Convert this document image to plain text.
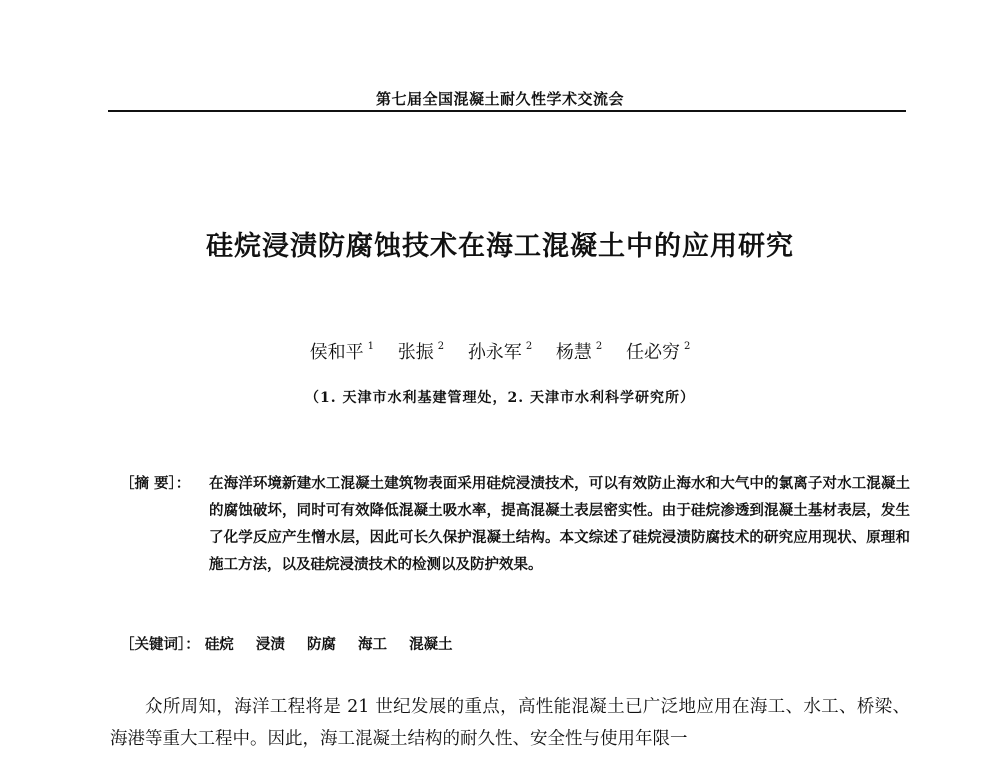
第七届全国混凝土耐久性学术交流会
硅烷浸渍防腐蚀技术在海工混凝土中的应用研究
侯和平 $^1$ 张振 $^2$ 孙永军 $^2$ 杨慧 $^2$ 任必穷 $^2$
（1. 天津市水利基建管理处，2. 天津市水利科学研究所）
［摘 要］： 在海洋环境新建水工混凝土建筑物表面采用硅烷浸渍技术，可以有效防止海水和大气中的氯离子对水工混凝土的腐蚀破坏，同时可有效降低混凝土吸水率，提高混凝土表层密实性。由于硅烷渗透到混凝土基材表层，发生了化学反应产生憎水层，因此可长久保护混凝土结构。本文综述了硅烷浸渍防腐技术的研究应用现状、原理和施工方法，以及硅烷浸渍技术的检测以及防护效果。
［关键词］： 硅烷 浸渍 防腐 海工 混凝土

众所周知，海洋工程将是 21 世纪发展的重点，高性能混凝土已广泛地应用在海工、水工、桥梁、海港等重大工程中。因此，海工混凝土结构的耐久性、安全性与使用年限一
